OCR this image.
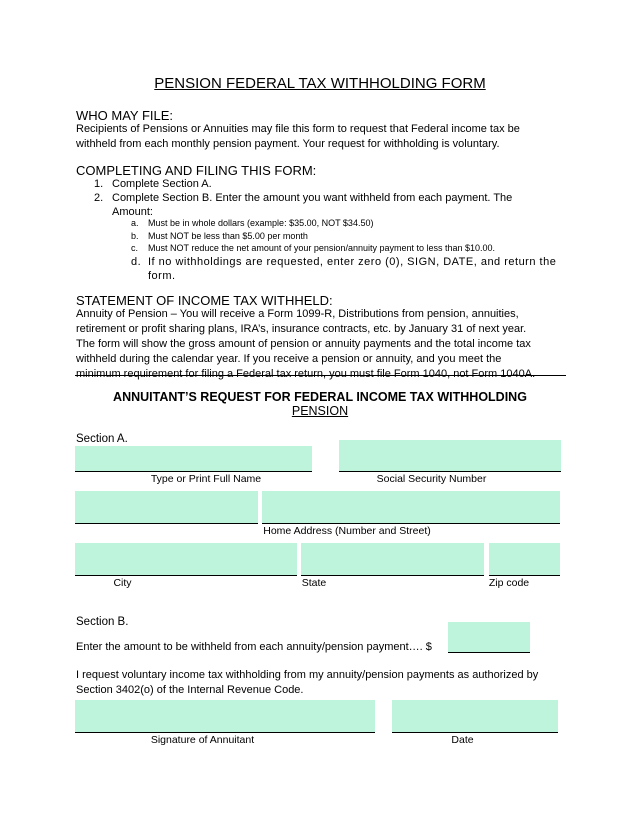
PENSION FEDERAL TAX WITHHOLDING FORM
WHO MAY FILE:
Recipients of Pensions or Annuities may file this form to request that Federal income tax be
withheld from each monthly pension payment. Your request for withholding is voluntary.
COMPLETING AND FILING THIS FORM:
1. Complete Section A.
2. Complete Section B. Enter the amount you want withheld from each payment. The
Amount:
a. Must be in whole dollars (example: $35.00, NOT $34.50)
b. Must NOT be less than $5.00 per month
c. Must NOT reduce the net amount of your pension/annuity payment to less than $10.00.
d. If no withholdings are requested, enter zero (0), SIGN, DATE, and return the
form.
STATEMENT OF INCOME TAX WITHHELD:
Annuity of Pension – You will receive a Form 1099-R, Distributions from pension, annuities,
retirement or profit sharing plans, IRA’s, insurance contracts, etc. by January 31 of next year.
The form will show the gross amount of pension or annuity payments and the total income tax
withheld during the calendar year. If you receive a pension or annuity, and you meet the
minimum requirement for filing a Federal tax return, you must file Form 1040, not Form 1040A.
ANNUITANT’S REQUEST FOR FEDERAL INCOME TAX WITHHOLDING
PENSION
Section A.
Type or Print Full Name	Social Security Number
Home Address (Number and Street)
City	State	Zip code
Section B.
Enter the amount to be withheld from each annuity/pension payment…. $
I request voluntary income tax withholding from my annuity/pension payments as authorized by
Section 3402(o) of the Internal Revenue Code.
Signature of Annuitant	Date
